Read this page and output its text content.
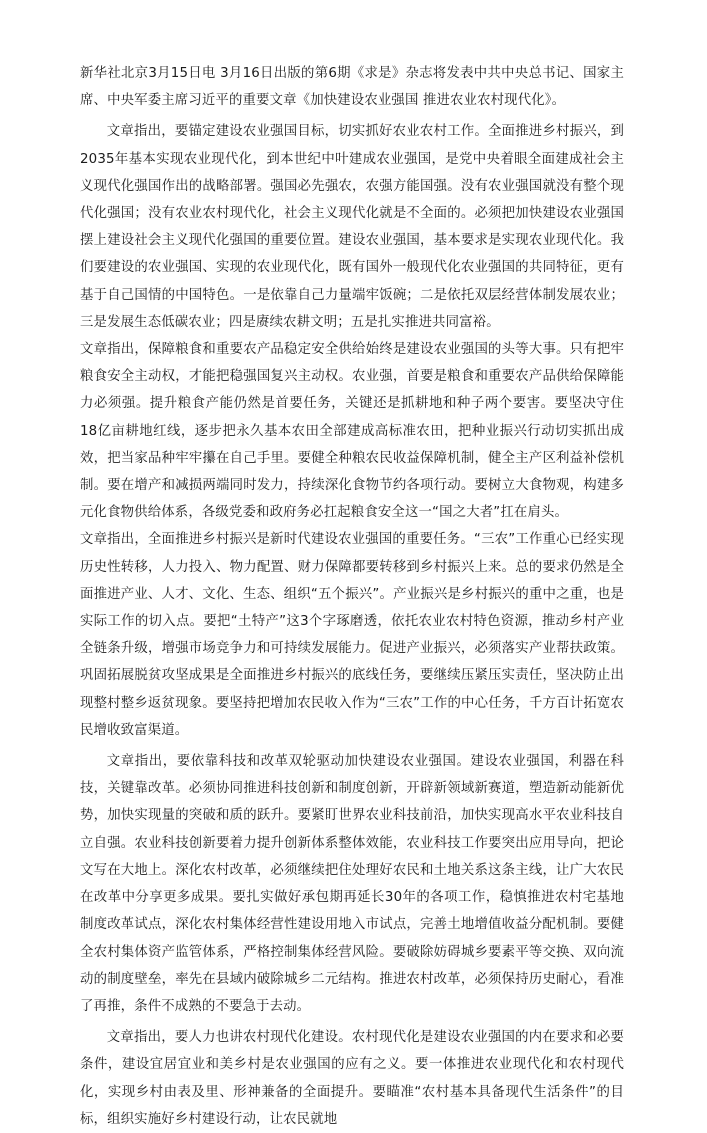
新华社北京3月15日电 3月16日出版的第6期《求是》杂志将发表中共中央总书记、国家主席、中央军委主席习近平的重要文章《加快建设农业强国 推进农业农村现代化》。

文章指出，要锚定建设农业强国目标，切实抓好农业农村工作。全面推进乡村振兴，到2035年基本实现农业现代化，到本世纪中叶建成农业强国，是党中央着眼全面建成社会主义现代化强国作出的战略部署。强国必先强农，农强方能国强。没有农业强国就没有整个现代化强国；没有农业农村现代化，社会主义现代化就是不全面的。必须把加快建设农业强国摆上建设社会主义现代化强国的重要位置。建设农业强国，基本要求是实现农业现代化。我们要建设的农业强国、实现的农业现代化，既有国外一般现代化农业强国的共同特征，更有基于自己国情的中国特色。一是依靠自己力量端牢饭碗；二是依托双层经营体制发展农业；三是发展生态低碳农业；四是赓续农耕文明；五是扎实推进共同富裕。

文章指出，保障粮食和重要农产品稳定安全供给始终是建设农业强国的头等大事。只有把牢粮食安全主动权，才能把稳强国复兴主动权。农业强，首要是粮食和重要农产品供给保障能力必须强。提升粮食产能仍然是首要任务，关键还是抓耕地和种子两个要害。要坚决守住18亿亩耕地红线，逐步把永久基本农田全部建成高标准农田，把种业振兴行动切实抓出成效，把当家品种牢牢攥在自己手里。要健全种粮农民收益保障机制，健全主产区利益补偿机制。要在增产和减损两端同时发力，持续深化食物节约各项行动。要树立大食物观，构建多元化食物供给体系，各级党委和政府务必扛起粮食安全这一“国之大者”扛在肩头。

文章指出，全面推进乡村振兴是新时代建设农业强国的重要任务。“三农”工作重心已经实现历史性转移，人力投入、物力配置、财力保障都要转移到乡村振兴上来。总的要求仍然是全面推进产业、人才、文化、生态、组织“五个振兴”。产业振兴是乡村振兴的重中之重，也是实际工作的切入点。要把“土特产”这3个字琢磨透，依托农业农村特色资源，推动乡村产业全链条升级，增强市场竞争力和可持续发展能力。促进产业振兴，必须落实产业帮扶政策。巩固拓展脱贫攻坚成果是全面推进乡村振兴的底线任务，要继续压紧压实责任，坚决防止出现整村整乡返贫现象。要坚持把增加农民收入作为“三农”工作的中心任务，千方百计拓宽农民增收致富渠道。

文章指出，要依靠科技和改革双轮驱动加快建设农业强国。建设农业强国，利器在科技，关键靠改革。必须协同推进科技创新和制度创新，开辟新领域新赛道，塑造新动能新优势，加快实现量的突破和质的跃升。要紧盯世界农业科技前沿，加快实现高水平农业科技自立自强。农业科技创新要着力提升创新体系整体效能，农业科技工作要突出应用导向，把论文写在大地上。深化农村改革，必须继续把住处理好农民和土地关系这条主线，让广大农民在改革中分享更多成果。要扎实做好承包期再延长30年的各项工作，稳慎推进农村宅基地制度改革试点，深化农村集体经营性建设用地入市试点，完善土地增值收益分配机制。要健全农村集体资产监管体系，严格控制集体经营风险。要破除妨碍城乡要素平等交换、双向流动的制度壁垒，率先在县域内破除城乡二元结构。推进农村改革，必须保持历史耐心，看准了再推，条件不成熟的不要急于去动。

文章指出，要人力也讲农村现代化建设。农村现代化是建设农业强国的内在要求和必要条件，建设宜居宜业和美乡村是农业强国的应有之义。要一体推进农业现代化和农村现代化，实现乡村由表及里、形神兼备的全面提升。要瞄准“农村基本具备现代生活条件”的目标，组织实施好乡村建设行动，让农民就地
